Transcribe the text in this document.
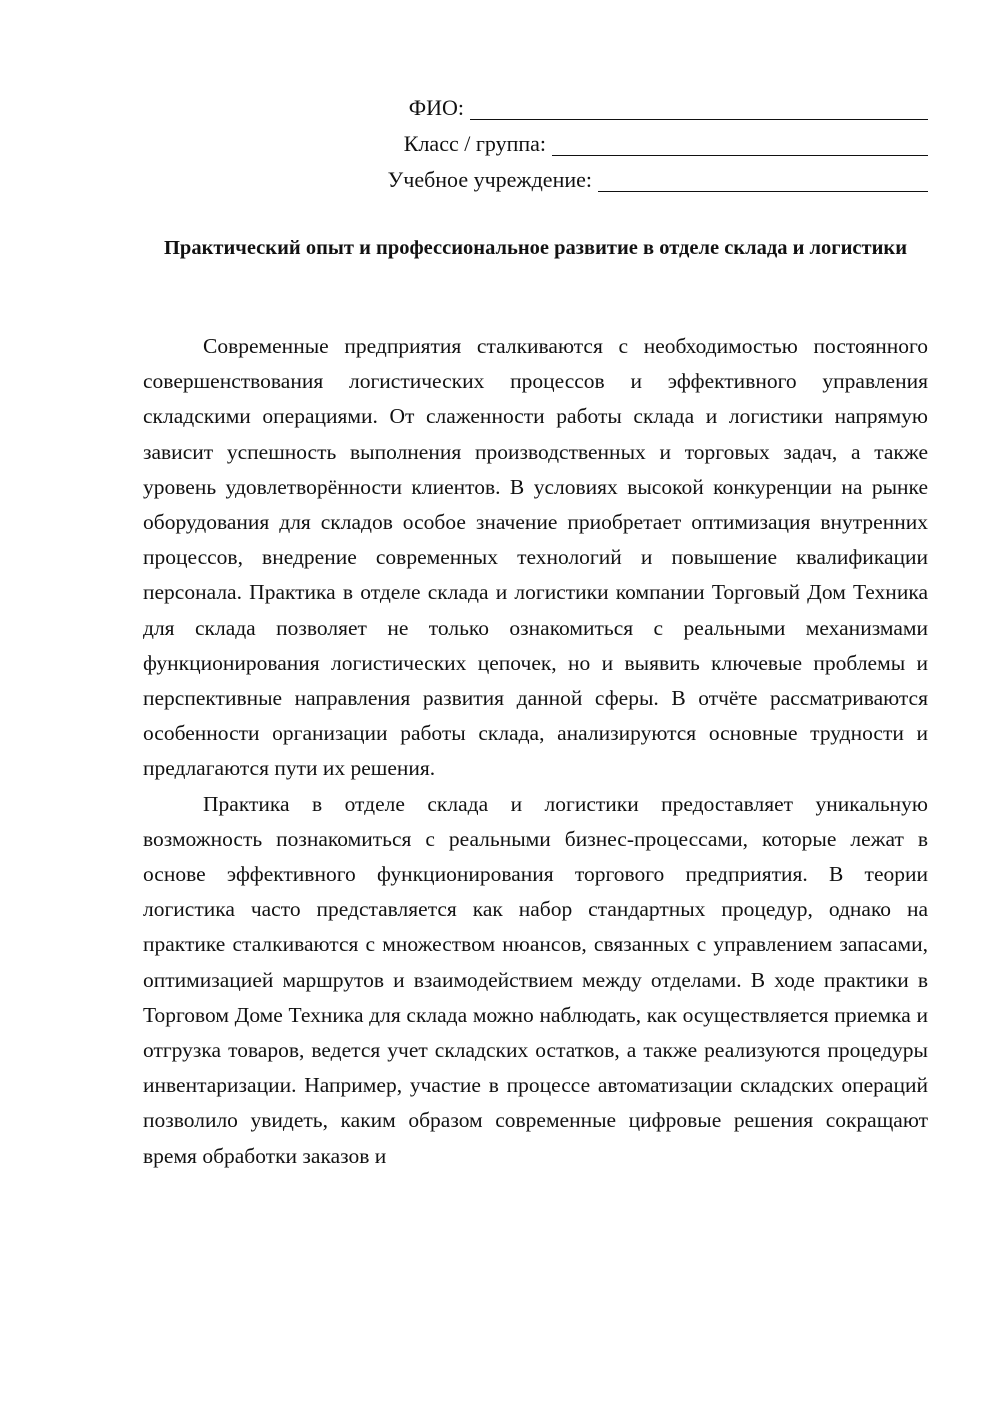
ФИО:
Класс / группа:
Учебное учреждение:
Практический опыт и профессиональное развитие в отделе склада и логистики

Современные предприятия сталкиваются с необходимостью постоянного совершенствования логистических процессов и эффективного управления складскими операциями. От слаженности работы склада и логистики напрямую зависит успешность выполнения производственных и торговых задач, а также уровень удовлетворённости клиентов. В условиях высокой конкуренции на рынке оборудования для складов особое значение приобретает оптимизация внутренних процессов, внедрение современных технологий и повышение квалификации персонала. Практика в отделе склада и логистики компании Торговый Дом Техника для склада позволяет не только ознакомиться с реальными механизмами функционирования логистических цепочек, но и выявить ключевые проблемы и перспективные направления развития данной сферы. В отчёте рассматриваются особенности организации работы склада, анализируются основные трудности и предлагаются пути их решения.

Практика в отделе склада и логистики предоставляет уникальную возможность познакомиться с реальными бизнес-процессами, которые лежат в основе эффективного функционирования торгового предприятия. В теории логистика часто представляется как набор стандартных процедур, однако на практике сталкиваются с множеством нюансов, связанных с управлением запасами, оптимизацией маршрутов и взаимодействием между отделами. В ходе практики в Торговом Доме Техника для склада можно наблюдать, как осуществляется приемка и отгрузка товаров, ведется учет складских остатков, а также реализуются процедуры инвентаризации. Например, участие в процессе автоматизации складских операций позволило увидеть, каким образом современные цифровые решения сокращают время обработки заказов и
